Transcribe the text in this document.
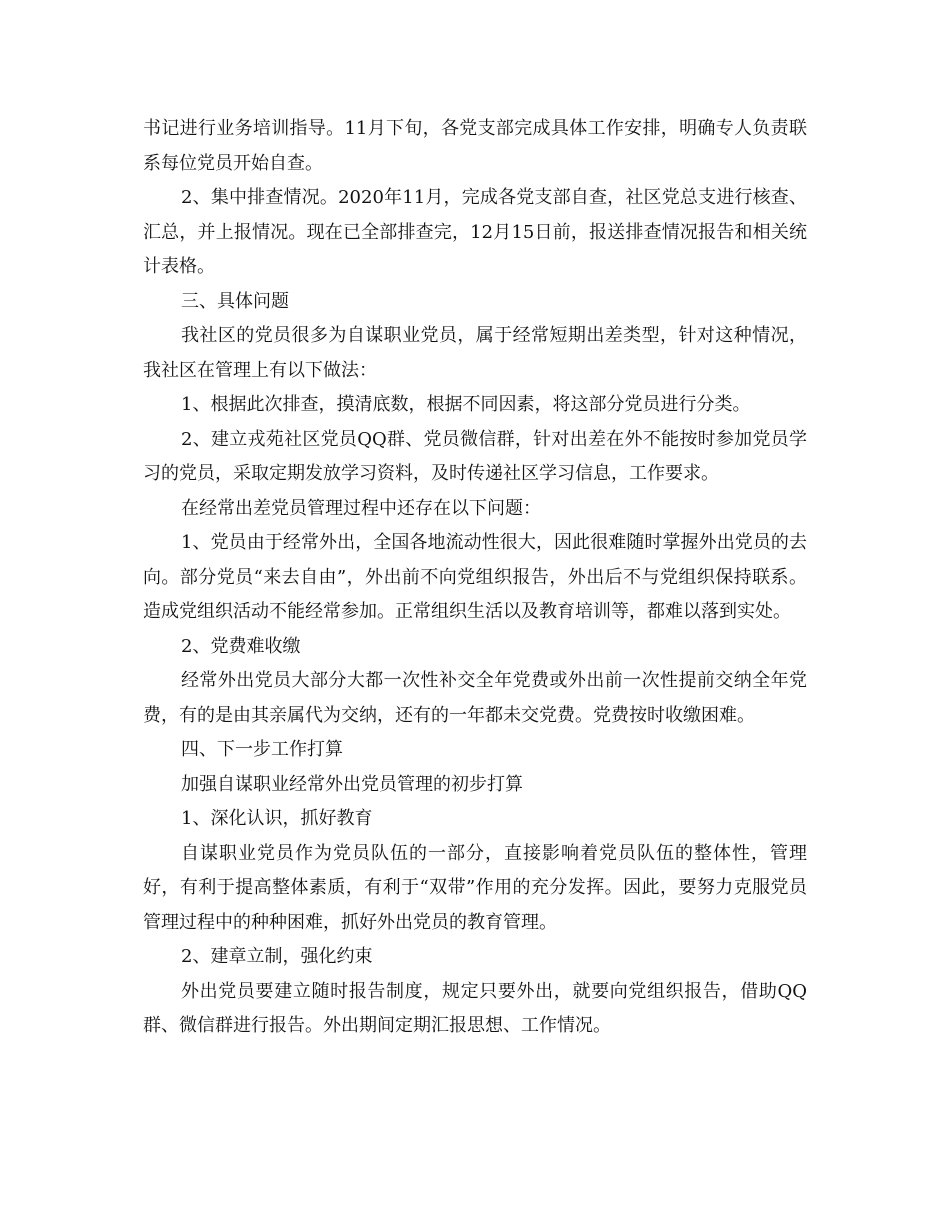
书记进行业务培训指导。11月下旬，各党支部完成具体工作安排，明确专人负责联系每位党员开始自查。

2、集中排查情况。2020年11月，完成各党支部自查，社区党总支进行核查、汇总，并上报情况。现在已全部排查完，12月15日前，报送排查情况报告和相关统计表格。

三、具体问题

我社区的党员很多为自谋职业党员，属于经常短期出差类型，针对这种情况，我社区在管理上有以下做法：

1、根据此次排查，摸清底数，根据不同因素，将这部分党员进行分类。

2、建立戎苑社区党员QQ群、党员微信群，针对出差在外不能按时参加党员学习的党员，采取定期发放学习资料，及时传递社区学习信息，工作要求。

在经常出差党员管理过程中还存在以下问题：

1、党员由于经常外出，全国各地流动性很大，因此很难随时掌握外出党员的去向。部分党员“来去自由”，外出前不向党组织报告，外出后不与党组织保持联系。造成党组织活动不能经常参加。正常组织生活以及教育培训等，都难以落到实处。

2、党费难收缴

经常外出党员大部分大都一次性补交全年党费或外出前一次性提前交纳全年党费，有的是由其亲属代为交纳，还有的一年都未交党费。党费按时收缴困难。

四、下一步工作打算

加强自谋职业经常外出党员管理的初步打算

1、深化认识，抓好教育

自谋职业党员作为党员队伍的一部分，直接影响着党员队伍的整体性，管理好，有利于提高整体素质，有利于“双带”作用的充分发挥。因此，要努力克服党员管理过程中的种种困难，抓好外出党员的教育管理。

2、建章立制，强化约束

外出党员要建立随时报告制度，规定只要外出，就要向党组织报告，借助QQ群、微信群进行报告。外出期间定期汇报思想、工作情况。
